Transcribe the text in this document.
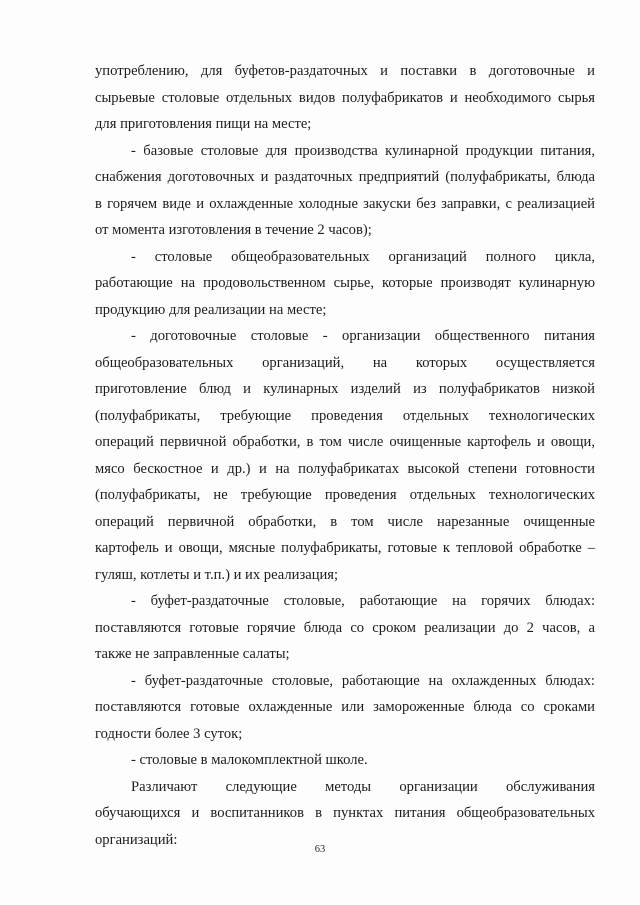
употреблению, для буфетов-раздаточных и поставки в доготовочные и
сырьевые столовые отдельных видов полуфабрикатов и необходимого сырья
для приготовления пищи на месте;
- базовые столовые для производства кулинарной продукции питания,
снабжения доготовочных и раздаточных предприятий (полуфабрикаты, блюда
в горячем виде и охлажденные холодные закуски без заправки, с реализацией
от момента изготовления в течение 2 часов);
- столовые общеобразовательных организаций полного цикла,
работающие на продовольственном сырье, которые производят кулинарную
продукцию для реализации на месте;
- доготовочные столовые - организации общественного питания
общеобразовательных организаций, на которых осуществляется
приготовление блюд и кулинарных изделий из полуфабрикатов низкой
(полуфабрикаты, требующие проведения отдельных технологических
операций первичной обработки, в том числе очищенные картофель и овощи,
мясо бескостное и др.) и на полуфабрикатах высокой степени готовности
(полуфабрикаты, не требующие проведения отдельных технологических
операций первичной обработки, в том числе нарезанные очищенные
картофель и овощи, мясные полуфабрикаты, готовые к тепловой обработке –
гуляш, котлеты и т.п.) и их реализация;
- буфет-раздаточные столовые, работающие на горячих блюдах:
поставляются готовые горячие блюда со сроком реализации до 2 часов, а
также не заправленные салаты;
- буфет-раздаточные столовые, работающие на охлажденных блюдах:
поставляются готовые охлажденные или замороженные блюда со сроками
годности более 3 суток;
- столовые в малокомплектной школе.
Различают следующие методы организации обслуживания
обучающихся и воспитанников в пунктах питания общеобразовательных
организаций:
63
